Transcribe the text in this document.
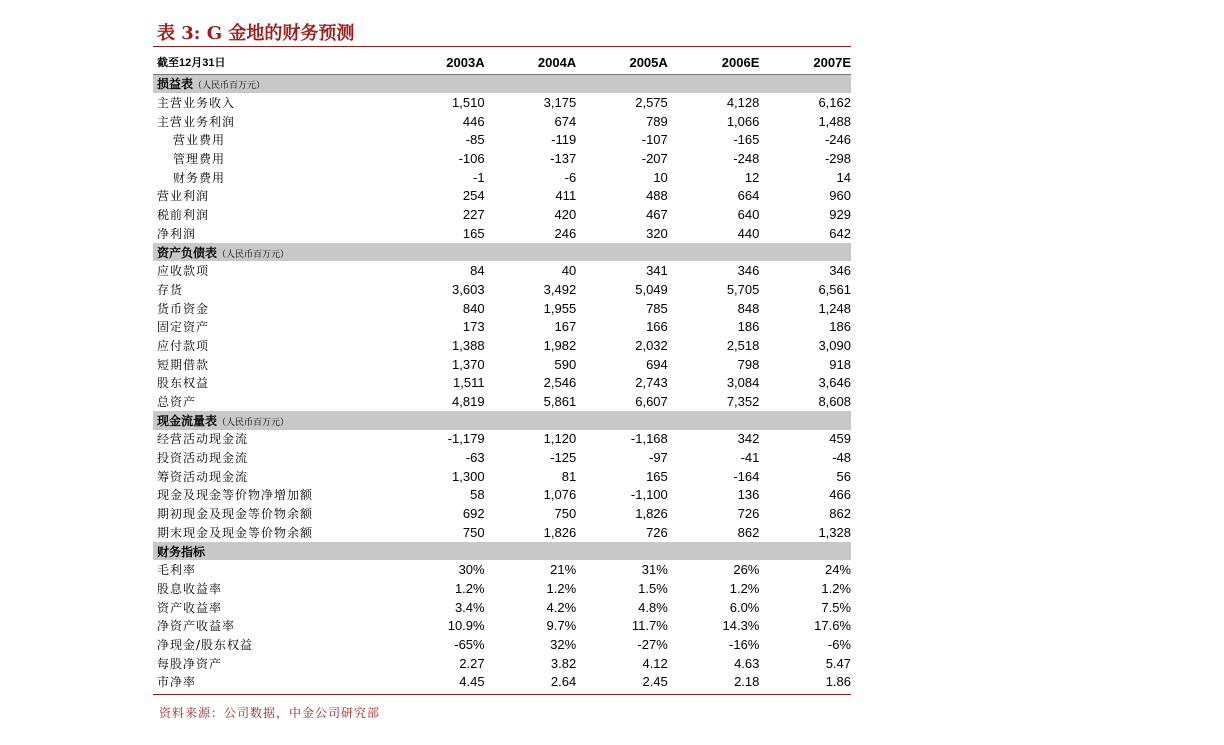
表 3: G 金地的财务预测
截至12月31日	2003A	2004A	2005A	2006E	2007E
损益表（人民币百万元）					
主营业务收入	1,510	3,175	2,575	4,128	6,162
主营业务利润	446	674	789	1,066	1,488
营业费用	-85	-119	-107	-165	-246
管理费用	-106	-137	-207	-248	-298
财务费用	-1	-6	10	12	14
营业利润	254	411	488	664	960
税前利润	227	420	467	640	929
净利润	165	246	320	440	642
资产负债表（人民币百万元）					
应收款项	84	40	341	346	346
存货	3,603	3,492	5,049	5,705	6,561
货币资金	840	1,955	785	848	1,248
固定资产	173	167	166	186	186
应付款项	1,388	1,982	2,032	2,518	3,090
短期借款	1,370	590	694	798	918
股东权益	1,511	2,546	2,743	3,084	3,646
总资产	4,819	5,861	6,607	7,352	8,608
现金流量表（人民币百万元）					
经营活动现金流	-1,179	1,120	-1,168	342	459
投资活动现金流	-63	-125	-97	-41	-48
筹资活动现金流	1,300	81	165	-164	56
现金及现金等价物净增加额	58	1,076	-1,100	136	466
期初现金及现金等价物余额	692	750	1,826	726	862
期末现金及现金等价物余额	750	1,826	726	862	1,328
财务指标					
毛利率	30%	21%	31%	26%	24%
股息收益率	1.2%	1.2%	1.5%	1.2%	1.2%
资产收益率	3.4%	4.2%	4.8%	6.0%	7.5%
净资产收益率	10.9%	9.7%	11.7%	14.3%	17.6%
净现金/股东权益	-65%	32%	-27%	-16%	-6%
每股净资产	2.27	3.82	4.12	4.63	5.47
市净率	4.45	2.64	2.45	2.18	1.86
资料来源：公司数据，中金公司研究部
